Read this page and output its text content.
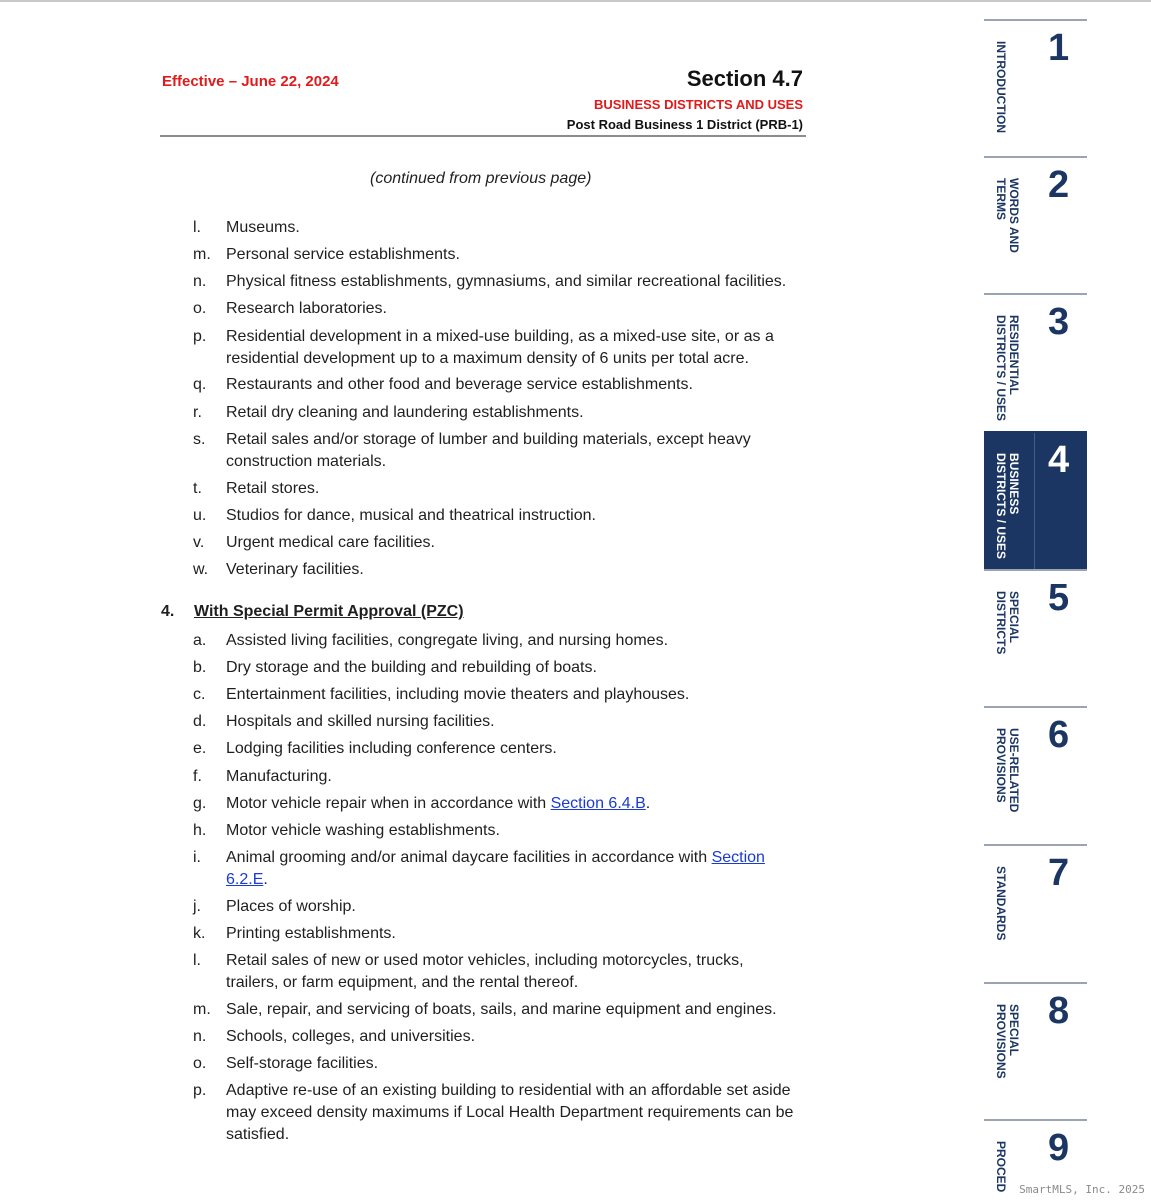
Effective – June 22, 2024	Section 4.7
BUSINESS DISTRICTS AND USES
Post Road Business 1 District (PRB-1)
(continued from previous page)
l. Museums.
m. Personal service establishments.
n. Physical fitness establishments, gymnasiums, and similar recreational facilities.
o. Research laboratories.
p. Residential development in a mixed-use building, as a mixed-use site, or as a residential development up to a maximum density of 6 units per total acre.
q. Restaurants and other food and beverage service establishments.
r. Retail dry cleaning and laundering establishments.
s. Retail sales and/or storage of lumber and building materials, except heavy construction materials.
t. Retail stores.
u. Studios for dance, musical and theatrical instruction.
v. Urgent medical care facilities.
w. Veterinary facilities.
4. With Special Permit Approval (PZC)
a. Assisted living facilities, congregate living, and nursing homes.
b. Dry storage and the building and rebuilding of boats.
c. Entertainment facilities, including movie theaters and playhouses.
d. Hospitals and skilled nursing facilities.
e. Lodging facilities including conference centers.
f. Manufacturing.
g. Motor vehicle repair when in accordance with Section 6.4.B.
h. Motor vehicle washing establishments.
i. Animal grooming and/or animal daycare facilities in accordance with Section 6.2.E.
j. Places of worship.
k. Printing establishments.
l. Retail sales of new or used motor vehicles, including motorcycles, trucks, trailers, or farm equipment, and the rental thereof.
m. Sale, repair, and servicing of boats, sails, and marine equipment and engines.
n. Schools, colleges, and universities.
o. Self-storage facilities.
p. Adaptive re-use of an existing building to residential with an affordable set aside may exceed density maximums if Local Health Department requirements can be satisfied.
1
INTRODUCTION
2
WORDS AND
TERMS
3
RESIDENTIAL
DISTRICTS / USES
4
BUSINESS
DISTRICTS / USES
5
SPECIAL
DISTRICTS
6
USE-RELATED
PROVISIONS
7
STANDARDS
8
SPECIAL
PROVISIONS
9
PROCED SmartMLS, Inc. 2025
